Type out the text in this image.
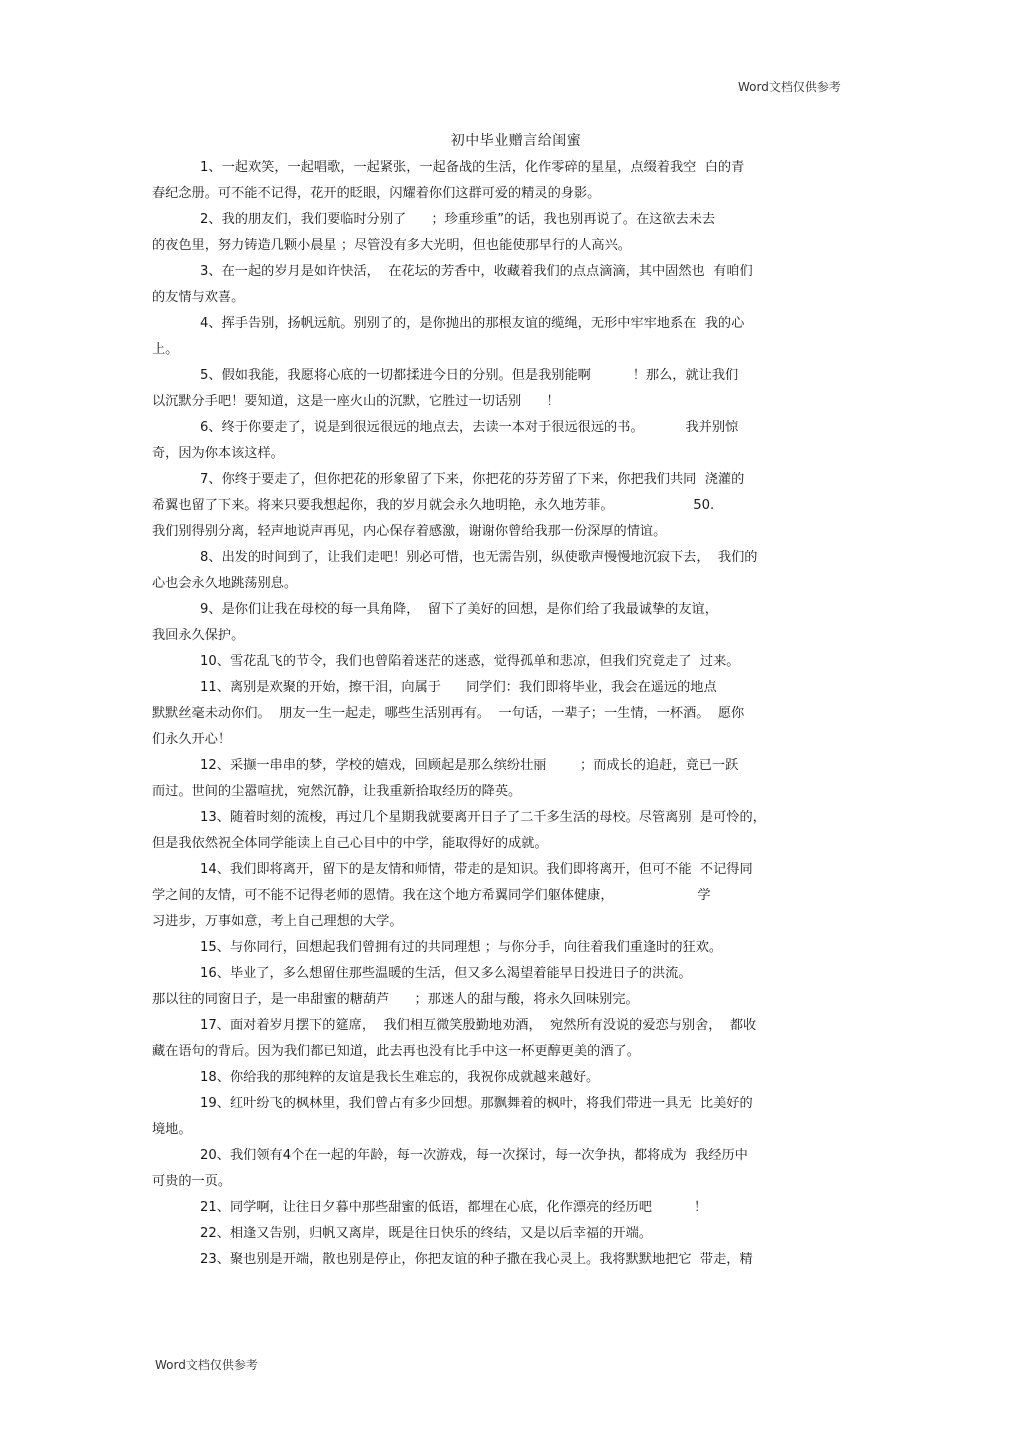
Word文档仅供参考
初中毕业赠言给闺蜜
1、一起欢笑，一起唱歌，一起紧张，一起备战的生活，化作零碎的星星，点缀着我空  白的青
春纪念册。可不能不记得，花开的眨眼，闪耀着你们这群可爱的精灵的身影。
2、我的朋友们，我们要临时分别了      ；珍重珍重”的话，我也别再说了。在这欲去未去
的夜色里，努力铸造几颗小晨星 ；尽管没有多大光明，但也能使那早行的人高兴。
3、在一起的岁月是如许快活，  在花坛的芳香中，收藏着我们的点点滴滴，其中固然也  有咱们
的友情与欢喜。
4、挥手告别，扬帆远航。别别了的，是你抛出的那根友谊的缆绳，无形中牢牢地系在  我的心
上。
5、假如我能，我愿将心底的一切都揉进今日的分别。但是我别能啊          ！那么，就让我们
以沉默分手吧！要知道，这是一座火山的沉默，它胜过一切话别      ！
6、终于你要走了，说是到很远很远的地点去，去读一本对于很远很远的书。          我并别惊
奇，因为你本该这样。
7、你终于要走了，但你把花的形象留了下来，你把花的芬芳留了下来，你把我们共同  浇灌的
希翼也留了下来。将来只要我想起你，我的岁月就会永久地明艳，永久地芳菲。                   50.
我们别得别分离，轻声地说声再见，内心保存着感激，谢谢你曾给我那一份深厚的情谊。
8、出发的时间到了，让我们走吧！别必可惜，也无需告别，纵使歌声慢慢地沉寂下去，  我们的
心也会永久地跳荡别息。
9、是你们让我在母校的每一具角降，  留下了美好的回想，是你们给了我最诚挚的友谊，
我回永久保护。
10、雪花乱飞的节令，我们也曾陷着迷茫的迷惑，觉得孤单和悲凉，但我们究竟走了  过来。
11、离别是欢聚的开始，擦干泪，向属于      同学们：我们即将毕业，我会在遥远的地点
默默丝毫未动你们。  朋友一生一起走，哪些生活别再有。  一句话，一辈子；一生情，一杯酒。  愿你
们永久开心！
12、采撷一串串的梦，学校的嬉戏，回顾起是那么缤纷壮丽        ；而成长的追赶，竟已一跃
而过。世间的尘嚣喧扰，宛然沉静，让我重新拾取经历的降英。
13、随着时刻的流梭，再过几个星期我就要离开日子了二千多生活的母校。尽管离别  是可怜的，
但是我依然祝全体同学能读上自己心目中的中学，能取得好的成就。
14、我们即将离开，留下的是友情和师情，带走的是知识。我们即将离开，但可不能  不记得同
学之间的友情，可不能不记得老师的恩情。我在这个地方希翼同学们躯体健康，                    学
习进步，万事如意，考上自己理想的大学。
15、与你同行，回想起我们曾拥有过的共同理想 ；与你分手，向往着我们重逢时的狂欢。
16、毕业了，多么想留住那些温暖的生活，但又多么渴望着能早日投进日子的洪流。
那以往的同窗日子，是一串甜蜜的糖葫芦      ；那迷人的甜与酸，将永久回味别完。
17、面对着岁月摆下的筵席，  我们相互微笑殷勤地劝酒，  宛然所有没说的爱恋与别舍，  都收
藏在语句的背后。因为我们都已知道，此去再也没有比手中这一杯更醇更美的酒了。
18、你给我的那纯粹的友谊是我长生难忘的，我祝你成就越来越好。
19、红叶纷飞的枫林里，我们曾占有多少回想。那飘舞着的枫叶，将我们带进一具无  比美好的
境地。
20、我们领有4个在一起的年龄，每一次游戏，每一次探讨，每一次争执，都将成为  我经历中
可贵的一页。
21、同学啊，让往日夕暮中那些甜蜜的低语，都埋在心底，化作漂亮的经历吧          ！
22、相逢又告别，归帆又离岸，既是往日快乐的终结，又是以后幸福的开端。
23、聚也别是开端，散也别是停止，你把友谊的种子撒在我心灵上。我将默默地把它  带走，精
Word文档仅供参考
